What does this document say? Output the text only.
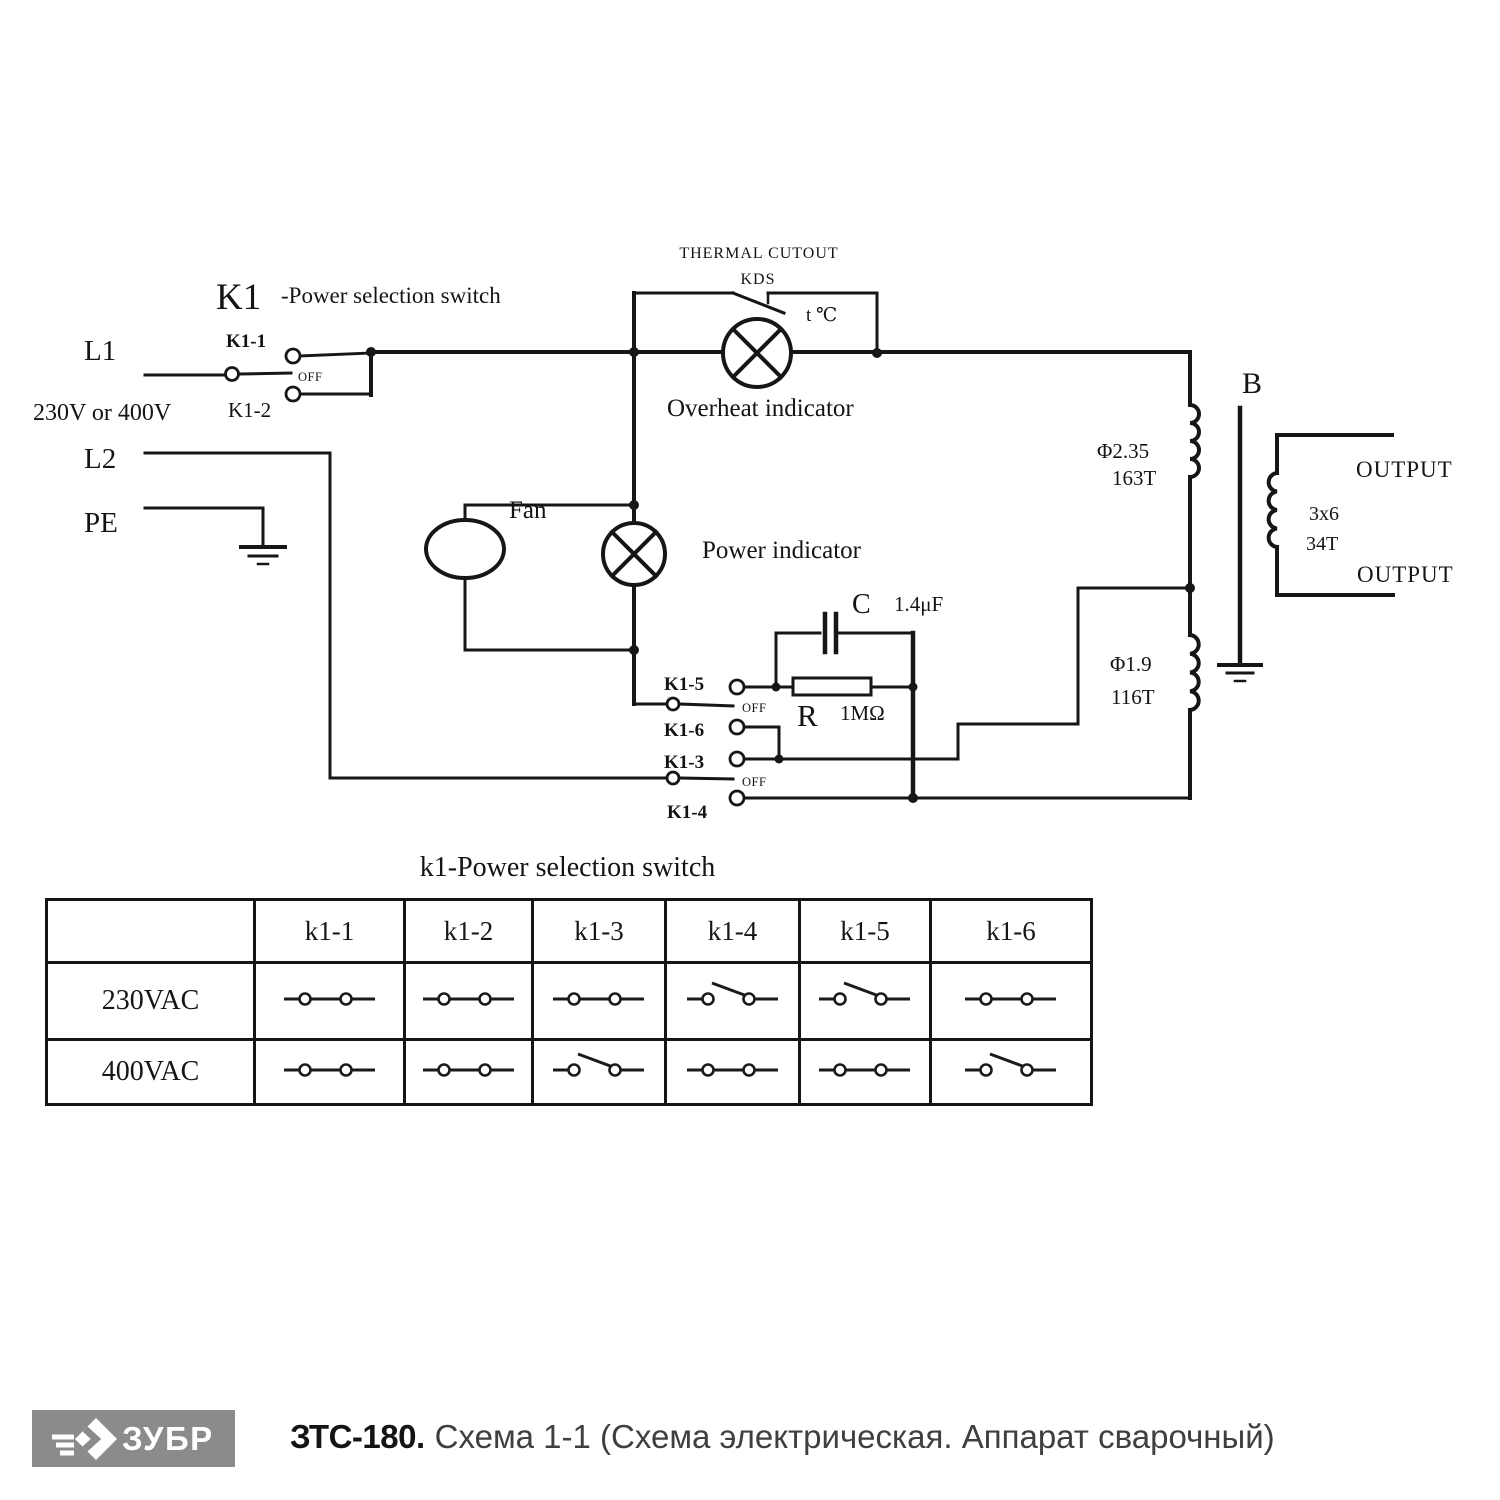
K1 -Power selection switch
L1
230V or 400V
L2
PE
K1-1
OFF
K1-2
THERMAL CUTOUT
KDS
t ℃
Overheat indicator
Fan
Power indicator
C 1.4μF
K1-5
OFF
K1-6	R 1MΩ
K1-3
OFF
K1-4
B
Φ2.35
163T
Φ1.9
116T
3x6
34T
OUTPUT
OUTPUT
k1-Power selection switch
	k1-1	k1-2	k1-3	k1-4	k1-5	k1-6
230VAC						
400VAC						
ЗУБР ЗТС-180. Схема 1-1 (Схема электрическая. Аппарат сварочный)
